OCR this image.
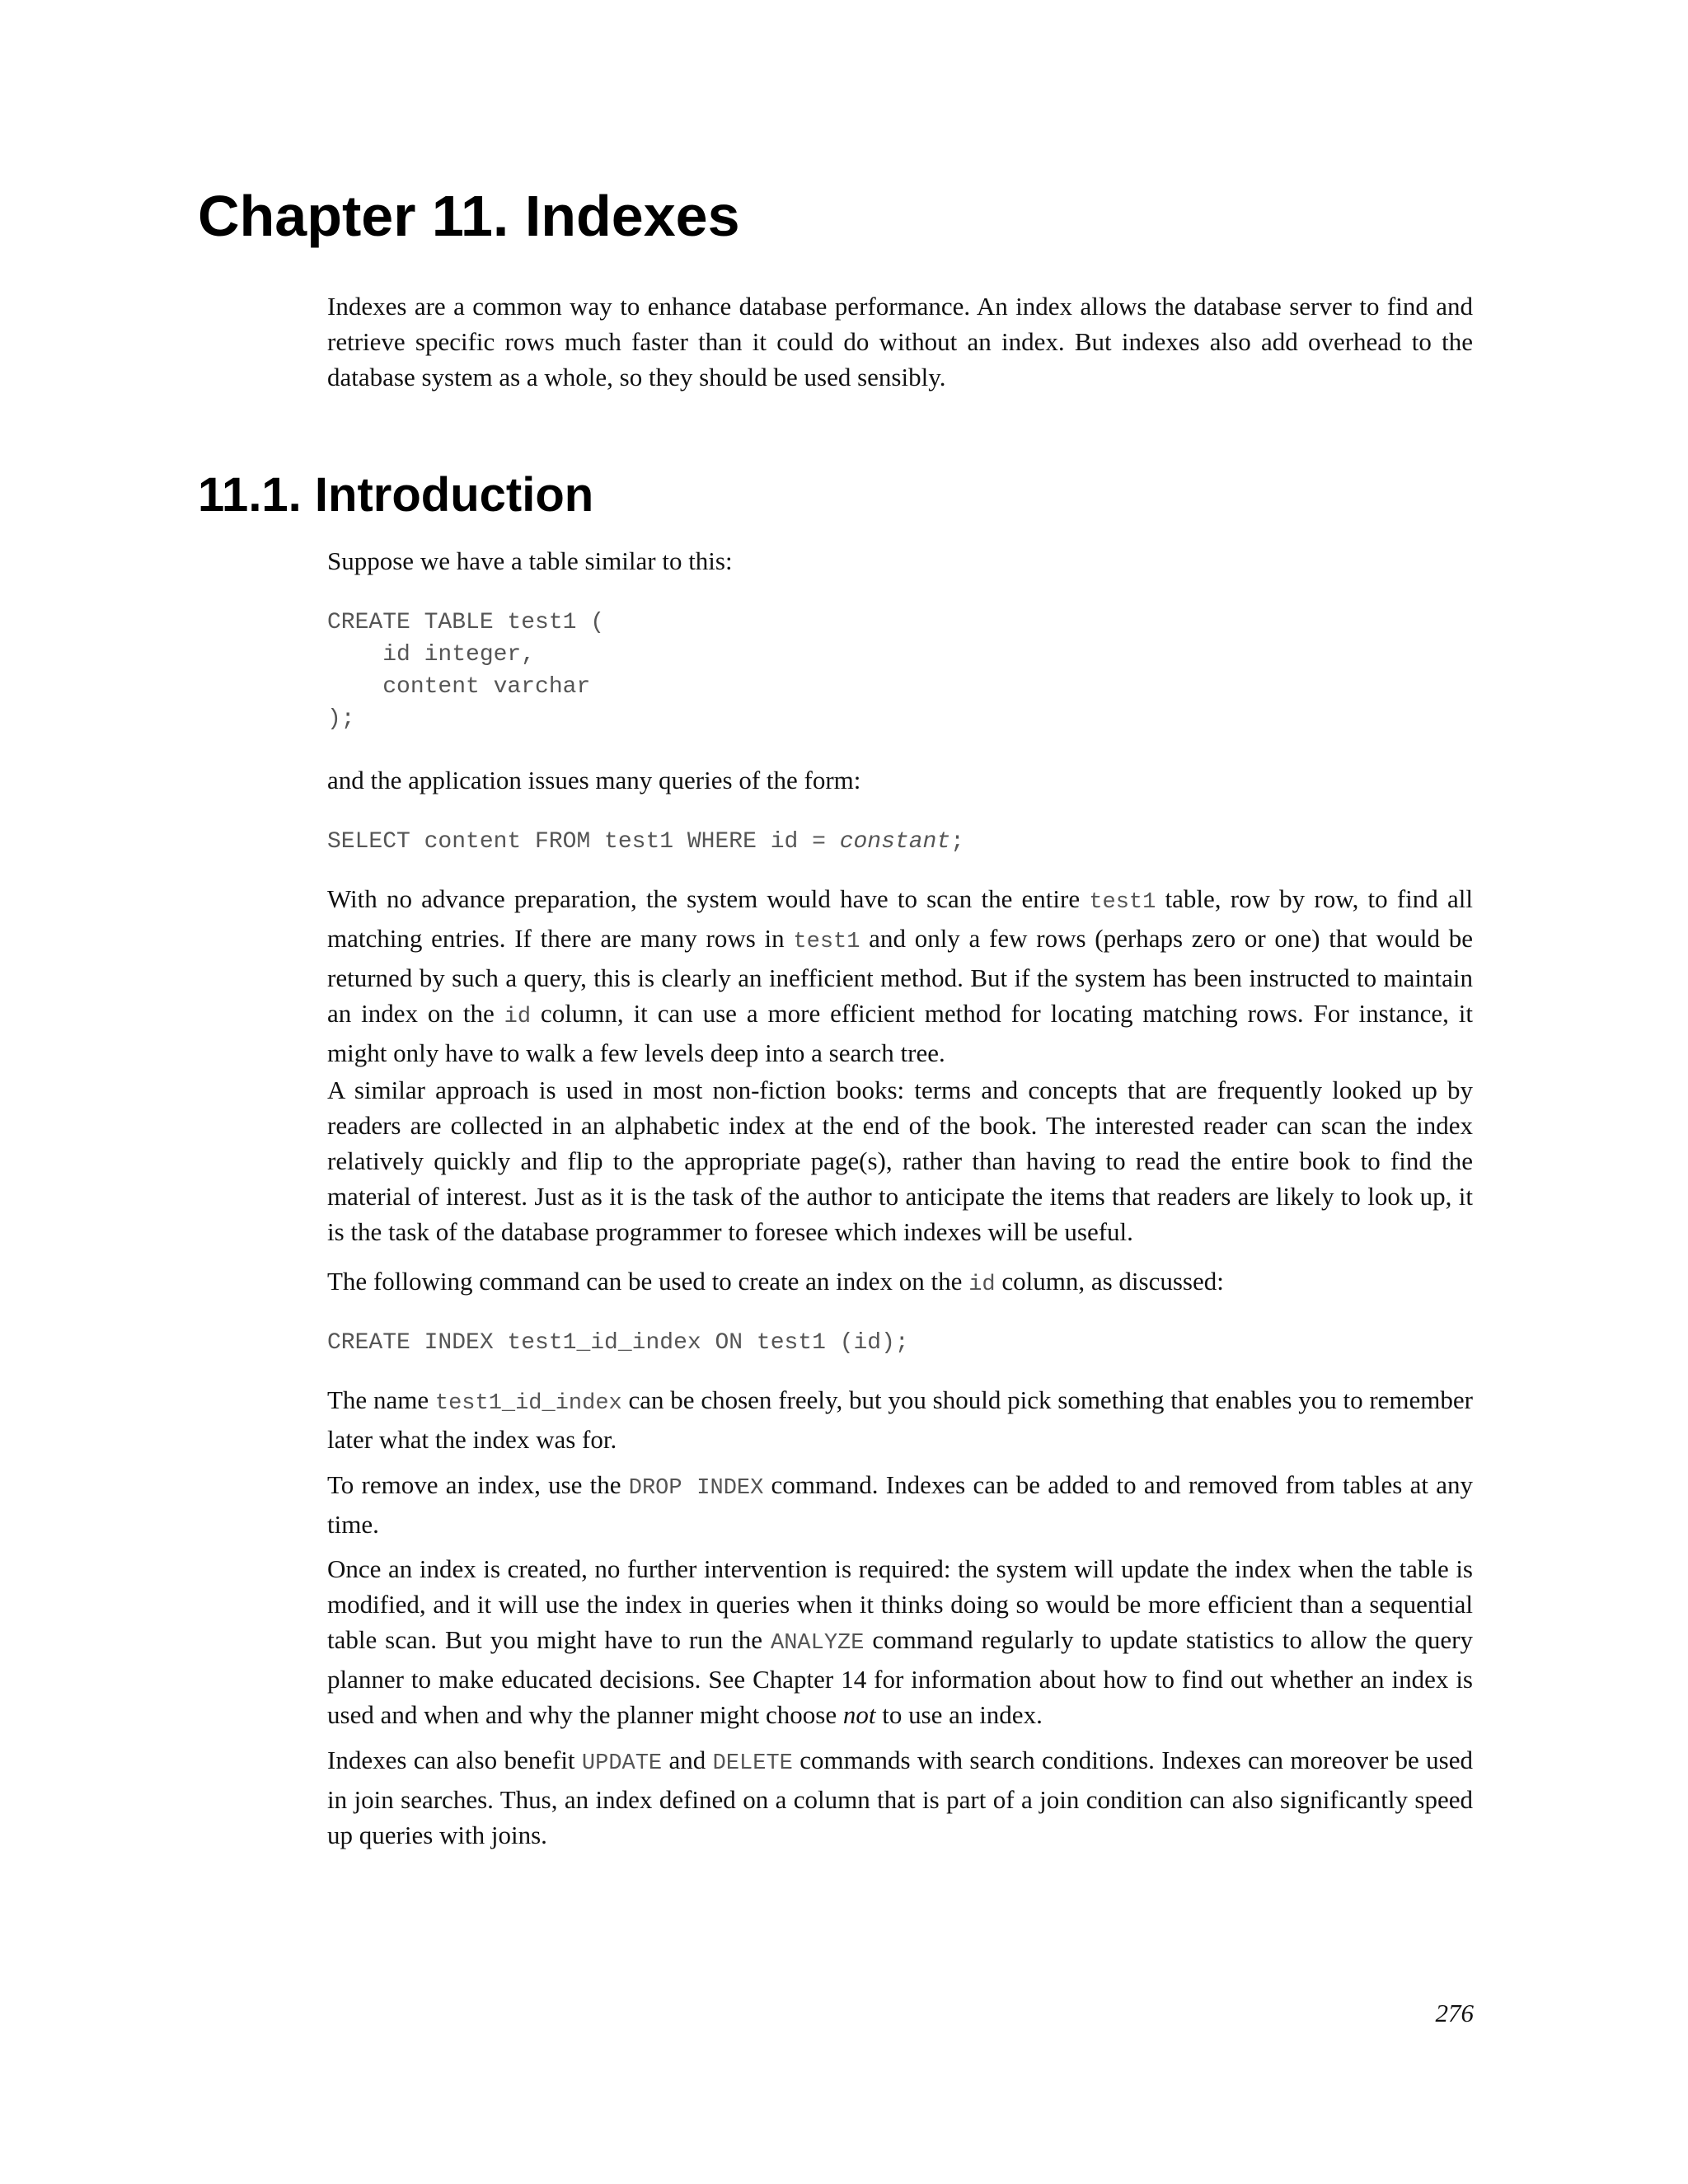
Chapter 11. Indexes

Indexes are a common way to enhance database performance. An index allows the database server to find and retrieve specific rows much faster than it could do without an index. But indexes also add overhead to the database system as a whole, so they should be used sensibly.

11.1. Introduction

Suppose we have a table similar to this:

CREATE TABLE test1 (
id integer,
content varchar
);

and the application issues many queries of the form:

SELECT content FROM test1 WHERE id = constant;

With no advance preparation, the system would have to scan the entire test1 table, row by row, to find all matching entries. If there are many rows in test1 and only a few rows (perhaps zero or one) that would be returned by such a query, this is clearly an inefficient method. But if the system has been instructed to maintain an index on the id column, it can use a more efficient method for locating matching rows. For instance, it might only have to walk a few levels deep into a search tree.

A similar approach is used in most non-fiction books: terms and concepts that are frequently looked up by readers are collected in an alphabetic index at the end of the book. The interested reader can scan the index relatively quickly and flip to the appropriate page(s), rather than having to read the entire book to find the material of interest. Just as it is the task of the author to anticipate the items that readers are likely to look up, it is the task of the database programmer to foresee which indexes will be useful.

The following command can be used to create an index on the id column, as discussed:

CREATE INDEX test1_id_index ON test1 (id);

The name test1_id_index can be chosen freely, but you should pick something that enables you to remember later what the index was for.

To remove an index, use the DROP INDEX command. Indexes can be added to and removed from tables at any time.

Once an index is created, no further intervention is required: the system will update the index when the table is modified, and it will use the index in queries when it thinks doing so would be more efficient than a sequential table scan. But you might have to run the ANALYZE command regularly to update statistics to allow the query planner to make educated decisions. See Chapter 14 for information about how to find out whether an index is used and when and why the planner might choose not to use an index.

Indexes can also benefit UPDATE and DELETE commands with search conditions. Indexes can moreover be used in join searches. Thus, an index defined on a column that is part of a join condition can also significantly speed up queries with joins.

276
